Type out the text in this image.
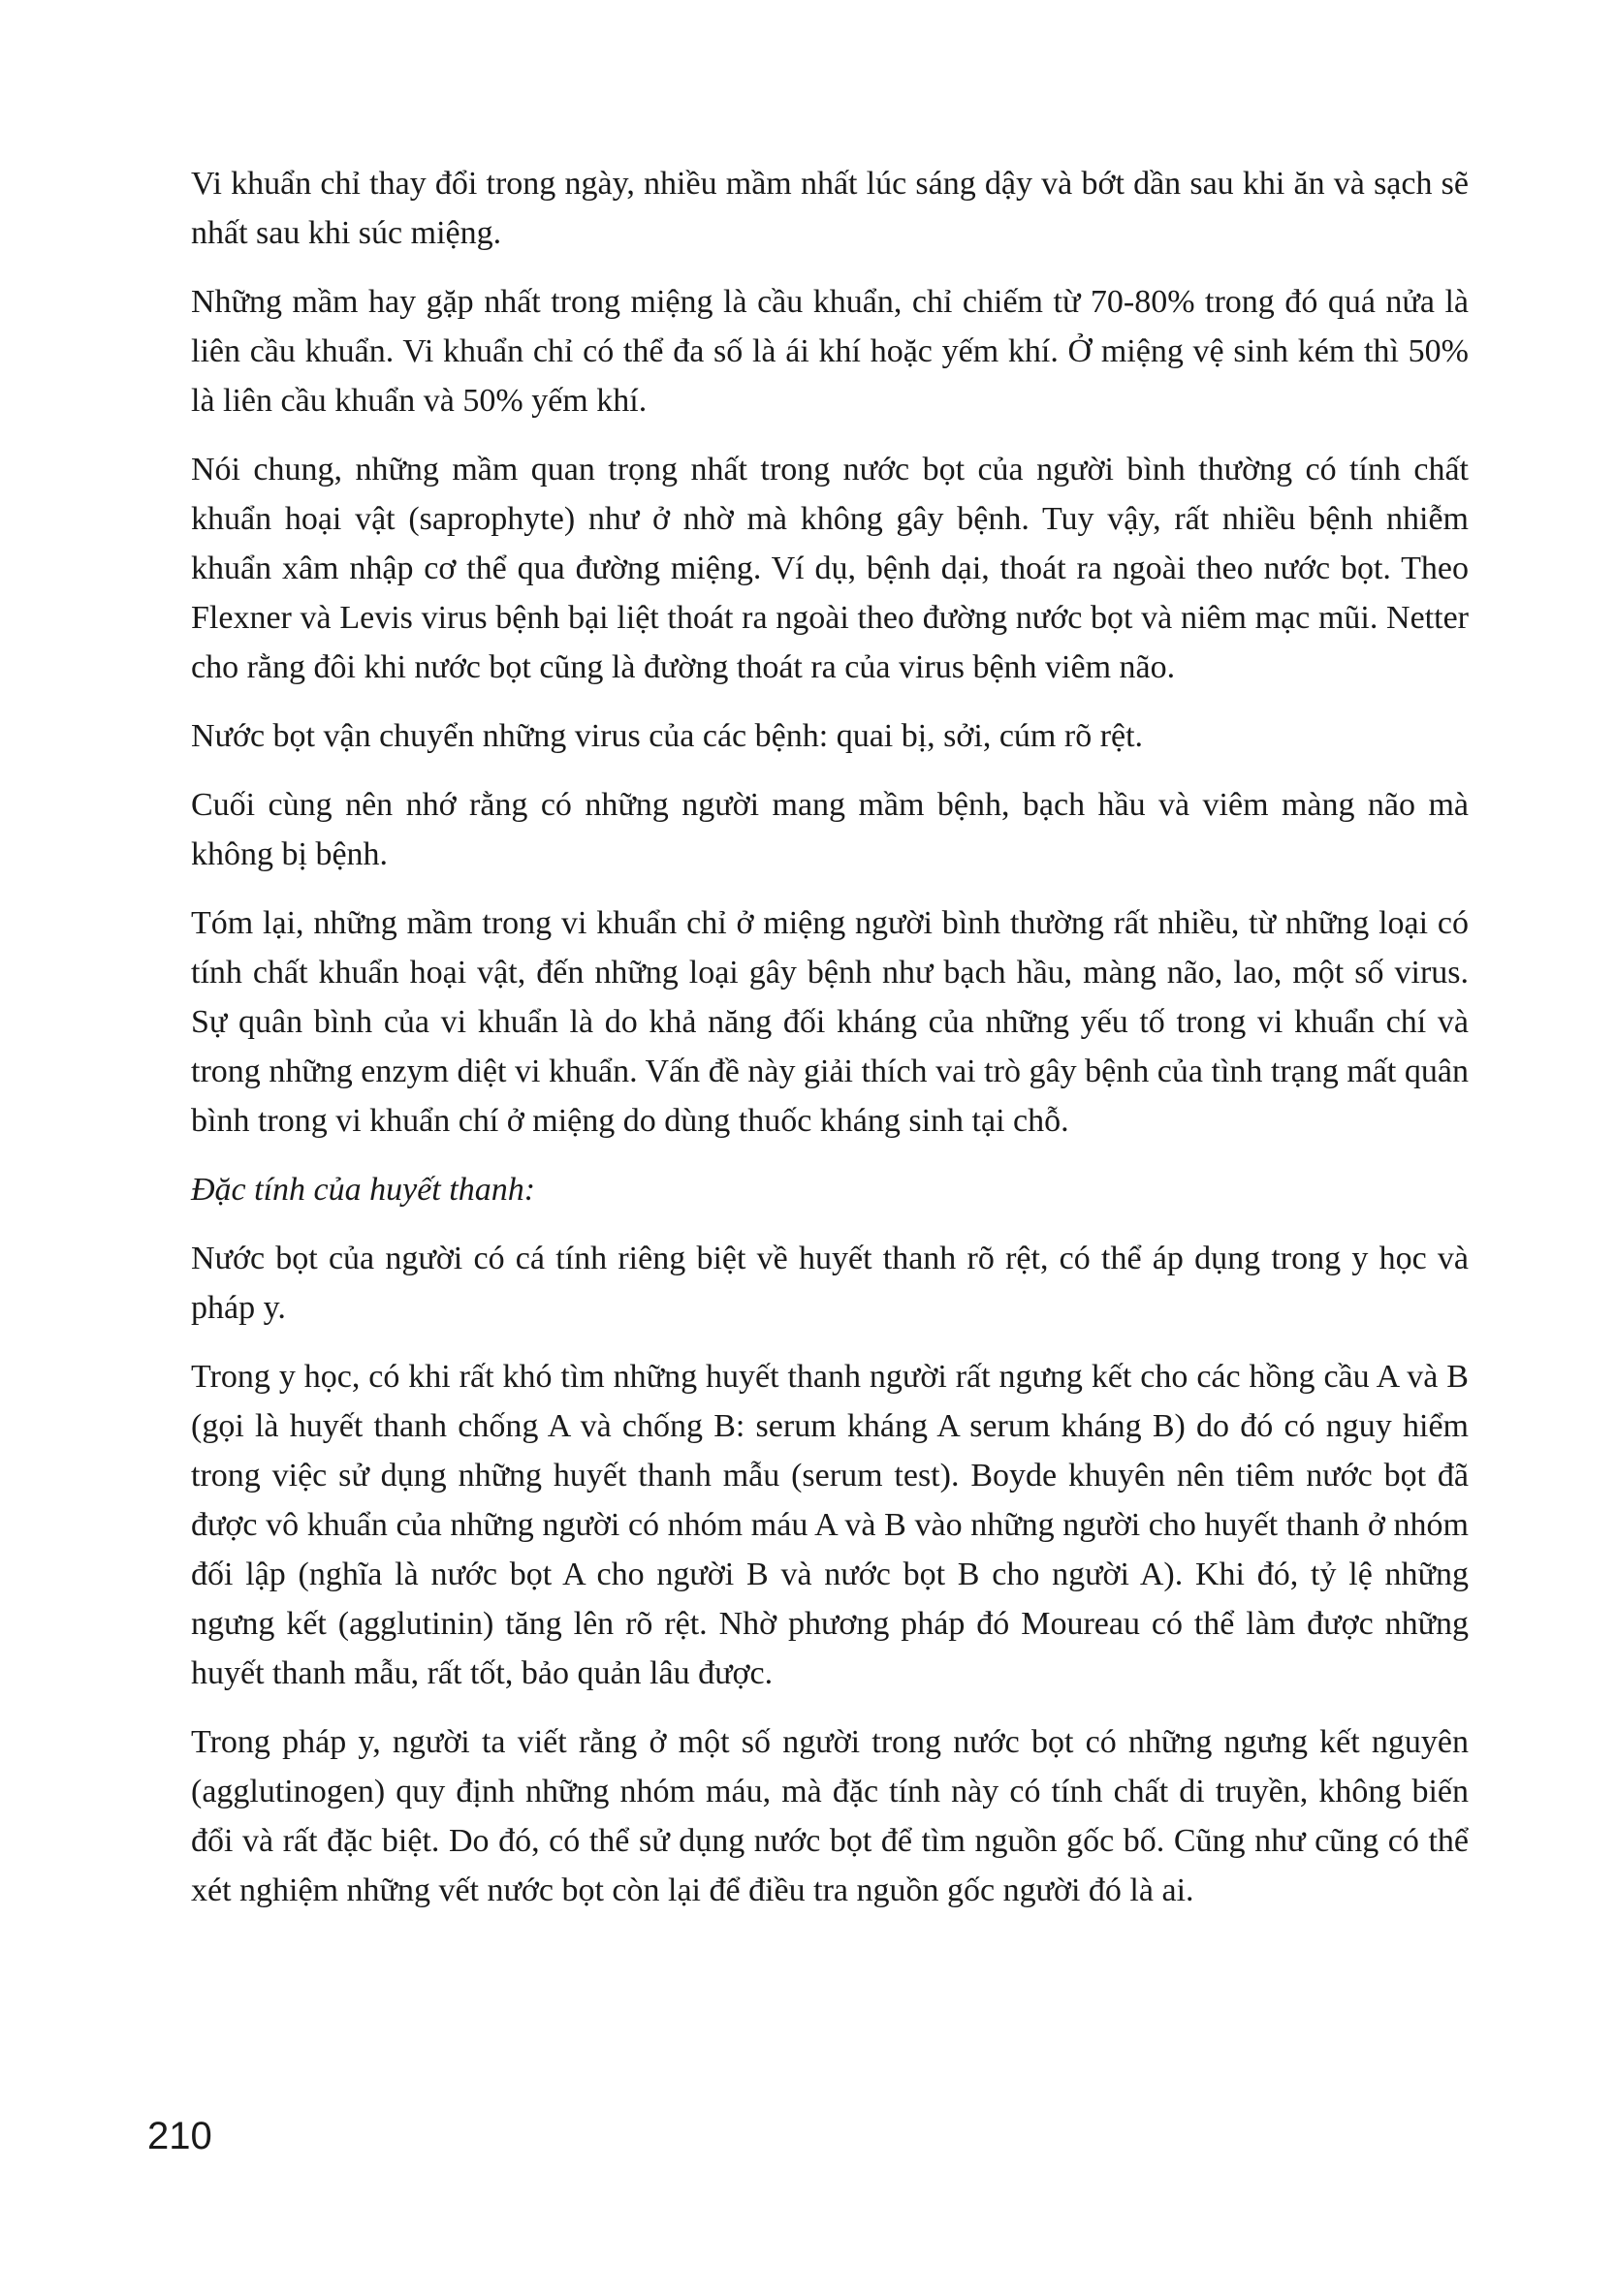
Vi khuẩn chỉ thay đổi trong ngày, nhiều mầm nhất lúc sáng dậy và bớt dần sau khi ăn và sạch sẽ nhất sau khi súc miệng.

Những mầm hay gặp nhất trong miệng là cầu khuẩn, chỉ chiếm từ 70-80% trong đó quá nửa là liên cầu khuẩn. Vi khuẩn chỉ có thể đa số là ái khí hoặc yếm khí. Ở miệng vệ sinh kém thì 50% là liên cầu khuẩn và 50% yếm khí.

Nói chung, những mầm quan trọng nhất trong nước bọt của người bình thường có tính chất khuẩn hoại vật (saprophyte) như ở nhờ mà không gây bệnh. Tuy vậy, rất nhiều bệnh nhiễm khuẩn xâm nhập cơ thể qua đường miệng. Ví dụ, bệnh dại, thoát ra ngoài theo nước bọt. Theo Flexner và Levis virus bệnh bại liệt thoát ra ngoài theo đường nước bọt và niêm mạc mũi. Netter cho rằng đôi khi nước bọt cũng là đường thoát ra của virus bệnh viêm não.

Nước bọt vận chuyển những virus của các bệnh: quai bị, sởi, cúm rõ rệt.

Cuối cùng nên nhớ rằng có những người mang mầm bệnh, bạch hầu và viêm màng não mà không bị bệnh.

Tóm lại, những mầm trong vi khuẩn chỉ ở miệng người bình thường rất nhiều, từ những loại có tính chất khuẩn hoại vật, đến những loại gây bệnh như bạch hầu, màng não, lao, một số virus. Sự quân bình của vi khuẩn là do khả năng đối kháng của những yếu tố trong vi khuẩn chí và trong những enzym diệt vi khuẩn. Vấn đề này giải thích vai trò gây bệnh của tình trạng mất quân bình trong vi khuẩn chí ở miệng do dùng thuốc kháng sinh tại chỗ.

Đặc tính của huyết thanh:

Nước bọt của người có cá tính riêng biệt về huyết thanh rõ rệt, có thể áp dụng trong y học và pháp y.

Trong y học, có khi rất khó tìm những huyết thanh người rất ngưng kết cho các hồng cầu A và B (gọi là huyết thanh chống A và chống B: serum kháng A serum kháng B) do đó có nguy hiểm trong việc sử dụng những huyết thanh mẫu (serum test). Boyde khuyên nên tiêm nước bọt đã được vô khuẩn của những người có nhóm máu A và B vào những người cho huyết thanh ở nhóm đối lập (nghĩa là nước bọt A cho người B và nước bọt B cho người A). Khi đó, tỷ lệ những ngưng kết (agglutinin) tăng lên rõ rệt. Nhờ phương pháp đó Moureau có thể làm được những huyết thanh mẫu, rất tốt, bảo quản lâu được.

Trong pháp y, người ta viết rằng ở một số người trong nước bọt có những ngưng kết nguyên (agglutinogen) quy định những nhóm máu, mà đặc tính này có tính chất di truyền, không biến đổi và rất đặc biệt. Do đó, có thể sử dụng nước bọt để tìm nguồn gốc bố. Cũng như cũng có thể xét nghiệm những vết nước bọt còn lại để điều tra nguồn gốc người đó là ai.

210
